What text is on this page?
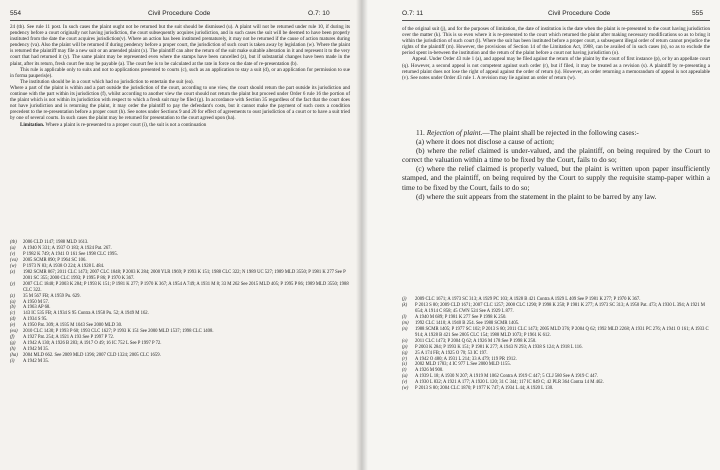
554	Civil Procedure Code	O.7: 10

24 (tb). See rule 11 post. In such cases the plaint ought not be returned but the suit should be dismissed (u). A plaint will not be returned under rule 10, if during its pendency before a court originally not having jurisdiction, the court subsequently acquires jurisdiction, and in such cases the suit will be deemed to have been properly instituted from the date the court acquires jurisdiction(v). Where an action has been instituted prematurely, it may not be returned if the cause of action matures during pendency (va). Also the plaint will be returned if during pendency before a proper court, the jurisdiction of such court is taken away by legislation (w). Where the plaint is returned the plaintiff may file a new suit or an amended plaint (x). The plaintiff can alter the return of the suit make suitable alteration in it and represent it to the very court that had returned it (y). The same plaint may be represented even where the stamps have been cancelled (z), but if substantial changes have been made in the plaint, after its return, fresh court fee may be payable (a). The court fee is to be calculated at the rate in force on the date of re-presentation (b).

This rule is applicable only to suits and not to applications presented to courts (c), such as an application to stay a suit (d), or an application for permission to sue in forma pauperis(e).

The institution should be in a court which had no jurisdiction to entertain the suit (ea).

Where a part of the plaint is within and a part outside the jurisdiction of the court, according to one view, the court should return the part outside its jurisdiction and continue with the part within its jurisdiction (f), whilst according to another view the court should not return the plaint but proceed under Order 6 rule 16 the portion of the plaint which is not within its jurisdiction with respect to which a fresh suit may be filed (g). In accordance with Section 35 regardless of the fact that the court does not have jurisdiction and is returning the plaint, it may order the plaintiff to pay the defendant's costs, but it cannot make the payment of such costs a condition precedent to the re-presentation before a proper court (h). See notes under Sections 9 and 20 for effect of agreements to oust jurisdiction of a court or to have a suit tried by one of several courts. In such cases the plaint may be returned for presentation to the court agreed upon (ha).

Limitation. Where a plaint is re-presented to a proper court (i), the suit is not a continuation

(tb)	2006 CLD 1147; 1988 MLD 1613.
(u)	A 1940 N 331; A 1937 O 183; A 1924 Pat. 267.
(v)	P 1982 K 749; A 1941 O 161 See 1998 CLC 1995.
(va)	2005 SCMR 890; P 1964 SC 106.
(w)	P 1973 N 83; A 1938 O 224; A 1928 L 484.
(x)	1982 SCMR 867; 2011 CLC 1473; 2007 CLC 1848; P 2003 K 284; 2000 YLR 1969; P 1993 K 151; 1988 CLC 322; N 1989 UC 527; 1989 MLD 3550; P 1981 K 277 See P 2001 SC 355; 2000 CLC 1993; P 1995 P 86; P 1970 K 367.
(y)	2007 CLC 1848; P 2003 K 284; P 1993 K 151; P 1981 K 277; P 1970 K 367; A 1954 A 749; A 1931 M 8; 33 M 262 See 2015 MLD 405; P 1995 P 86; 1989 MLD 3550; 1988 CLC 322.
(z)	35 M 567 FB; A 1959 Pu. 629.
(a)	A 1950 M 57.
(b)	A 1963 AP 68.
(c)	143 IC 535 FB; A 1934 S 95 Contra A 1958 Pu. 52; A 1949 M 162.
(d)	A 1934 S 95.
(e)	A 1950 Pat. 309; A 1935 M 1043 See 2000 MLD 30.
(ea)	2010 CLC 1430; P 1993 P 60; 1993 CLC 1627; P 1993 K 151 See 2000 MLD 1537; 1998 CLC 1408.
(f)	A 1927 Pat. 254; A 1921 A 193 See P 1997 P 72.
(g)	A 1942 A 130; A 1926 B 283; A 1917 O 49; 16 IC 752 L See P 1997 P 72.
(h)	A 1942 M 35.
(ha)	2004 MLD 662. See 2009 MLD 1396; 2007 CLD 1324; 2005 CLC 1659.
(i)	A 1942 M 35.
O.7: 11	Civil Procedure Code	555

of the original suit (j), and for the purposes of limitation, the date of institution is the date when the plaint is re-presented to the court having jurisdiction over the matter (k). This is so even where it is re-presented to the court which returned the plaint after making necessary modifications so as to bring it within the jurisdiction of such court (l). Where the suit has been instituted before a proper court, a subsequent illegal order of return cannot prejudice the rights of the plaintiff (m). However, the provisions of Section 14 of the Limitation Act, 1908, can be availed of in such cases (n), so as to exclude the period spent in-between the institution and the return of the plaint before a court not having jurisdiction (o).

Appeal. Under Order 43 rule 1 (a), and appeal may be filed against the return of the plaint by the court of first instance (p), or by an appellate court (q). However, a second appeal is not competent against such order (r), but if filed, it may be treated as a revision (s). A plaintiff by re-presenting a returned plaint does not lose the right of appeal against the order of return (u). However, an order returning a memorandum of appeal is not appealable (v). See notes under Order 43 rule 1. A revision may lie against an order of return (w).

11. Rejection of plaint.—The plaint shall be rejected in the following cases:-

(a) where it does not disclose a cause of action;

(b) where the relief claimed is under-valued, and the plaintiff, on being required by the Court to correct the valuation within a time to be fixed by the Court, fails to do so;

(c) where the relief claimed is properly valued, but the plaint is written upon paper insufficiently stamped, and the plaintiff, on being required by the Court to supply the requisite stamp-paper within a time to be fixed by the Court, fails to do so;

(d) where the suit appears from the statement in the plaint to be barred by any law.

(j)	2009 CLC 1671; A 1973 SC 313; A 1929 PC 103; A 1928 B 421 Contra A 1929 L 409 See P 1981 K 277; P 1970 K 367.
(k)	P 2013 S 80; 2009 CLD 1671; 2007 CLC 1257; 2000 CLC 1290; P 1998 K 250; P 1981 K 277; A 1973 SC 313; A 1950 Pat. 473; A 1930 L 394; A 1921 M 654; A 1914 C 858; 45 CWN 524 See A 1929 L 877.
(l)	A 1940 M 689; P 1981 K 277 See P 1998 K 250.
(m)	1992 CLC 1410; A 1940 B 254. See 1988 SCMR 1405.
(n)	1988 SCMR 1405; P 1977 SC 102; P 2013 S 80; 2011 CLC 1473; 2005 MLD 376; P 2004 Q 62; 1992 MLD 2268; A 1931 PC 276; A 1941 O 161; A 1933 C 914; A 1928 B 421 See 2005 CLC 154; 1988 MLD 1073; P 1961 K 612.
(o)	2011 CLC 1473; P 2004 Q 62; A 1926 M 178 See P 1998 K 250.
(p)	P 2003 K 284; P 1993 K 151; P 1981 K 277; A 1943 N 293; A 1938 S 124; A 1918 L 116.
(q)	25 A 174 FB; A 1925 O 70; 53 IC 197.
(r)	A 1942 O 480; A 1931 L 214; 33 A 479; 119 PR 1912.
(s)	2002 MLD 1783; 4 IC 977 L See 2000 MLD 1155.
(t)	A 1926 M 900.
(u)	A 1939 L 18; A 1930 N 207; A 1919 M 1062 Contra A 1919 C 447; 5 CLJ 580 See A 1919 C 447.
(v)	A 1930 L 832; A 1921 A 177; A 1920 L 120; 31 C 344; 117 IC 849 C; 42 PLR 364 Contra 14 M 462.
(w)	P 2013 S 80; 2004 CLC 1870; P 1977 K 747; A 1934 L 44; A 1920 L 130.
